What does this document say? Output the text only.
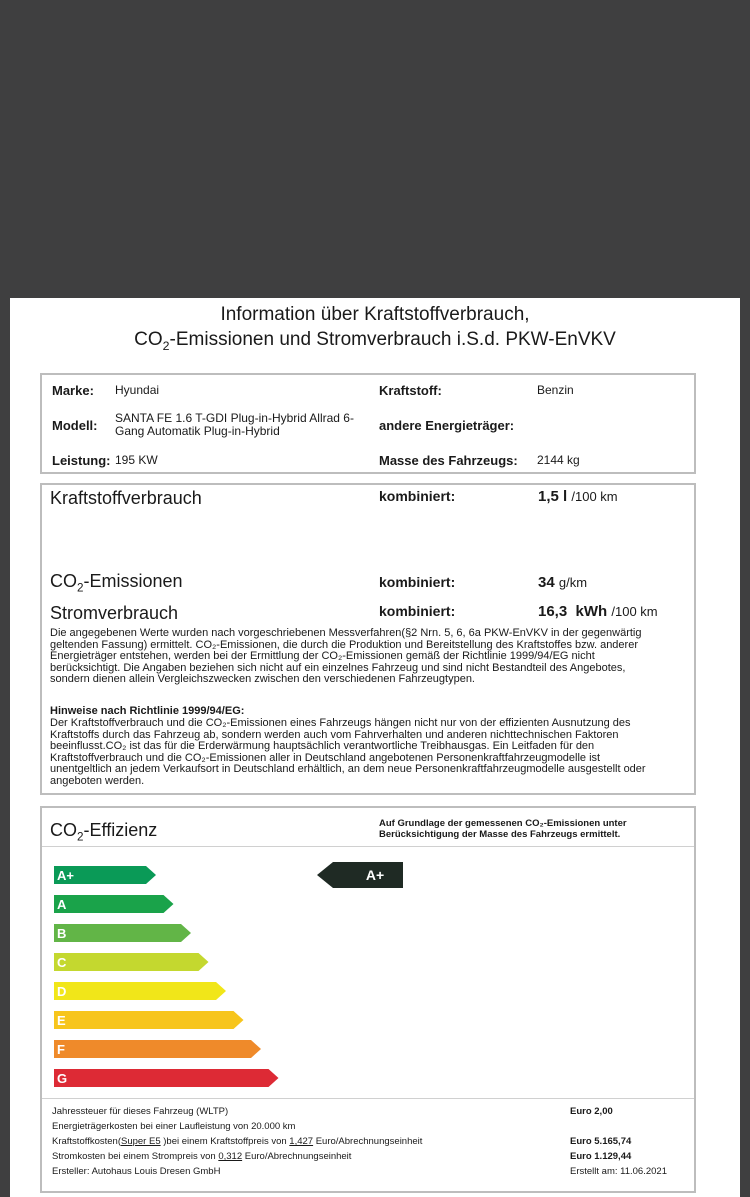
Information über Kraftstoffverbrauch,
$CO_2$-Emissionen und Stromverbrauch i.S.d. PKW-EnVKV
Marke: Hyundai
Modell: SANTA FE 1.6 T-GDI Plug-in-Hybrid Allrad 6-
Gang Automatik Plug-in-Hybrid
Leistung: 195 KW
Kraftstoff:	Benzin
andere Energieträger:
Masse des Fahrzeugs: 2144 kg
Kraftstoffverbrauch	kombiniert:	1,5 l /100 km
$CO_2$-Emissionen	kombiniert:	34 g/km
Stromverbrauch	kombiniert:	16,3 kWh /100 km
Die angegebenen Werte wurden nach vorgeschriebenen Messverfahren(§2 Nrn. 5, 6, 6a PKW-EnVKV in der gegenwärtig
geltenden Fassung) ermittelt. CO₂-Emissionen, die durch die Produktion und Bereitstellung des Kraftstoffes bzw. anderer
Energieträger entstehen, werden bei der Ermittlung der CO₂-Emissionen gemäß der Richtlinie 1999/94/EG nicht
berücksichtigt. Die Angaben beziehen sich nicht auf ein einzelnes Fahrzeug und sind nicht Bestandteil des Angebotes,
sondern dienen allein Vergleichszwecken zwischen den verschiedenen Fahrzeugtypen.
Hinweise nach Richtlinie 1999/94/EG:
Der Kraftstoffverbrauch und die CO₂-Emissionen eines Fahrzeugs hängen nicht nur von der effizienten Ausnutzung des
Kraftstoffs durch das Fahrzeug ab, sondern werden auch vom Fahrverhalten und anderen nichttechnischen Faktoren
beeinflusst.CO₂ ist das für die Erderwärmung hauptsächlich verantwortliche Treibhausgas. Ein Leitfaden für den
Kraftstoffverbrauch und die CO₂-Emissionen aller in Deutschland angebotenen Personenkraftfahrzeugmodelle ist
unentgeltlich an jedem Verkaufsort in Deutschland erhältlich, an dem neue Personenkraftfahrzeugmodelle ausgestellt oder
angeboten werden.
$CO_2$-Effizienz	Auf Grundlage der gemessenen CO₂-Emissionen unter
Berücksichtigung der Masse des Fahrzeugs ermittelt.
A+
A
B
C
D
E
F
G
A+
Jahressteuer für dieses Fahrzeug (WLTP)	Euro 2,00
Energieträgerkosten bei einer Laufleistung von 20.000 km
Kraftstoffkosten(Super E5 )bei einem Kraftstoffpreis von 1,427 Euro/Abrechnungseinheit	Euro 5.165,74
Stromkosten bei einem Strompreis von 0,312 Euro/Abrechnungseinheit	Euro 1.129,44
Ersteller: Autohaus Louis Dresen GmbH	Erstellt am: 11.06.2021
